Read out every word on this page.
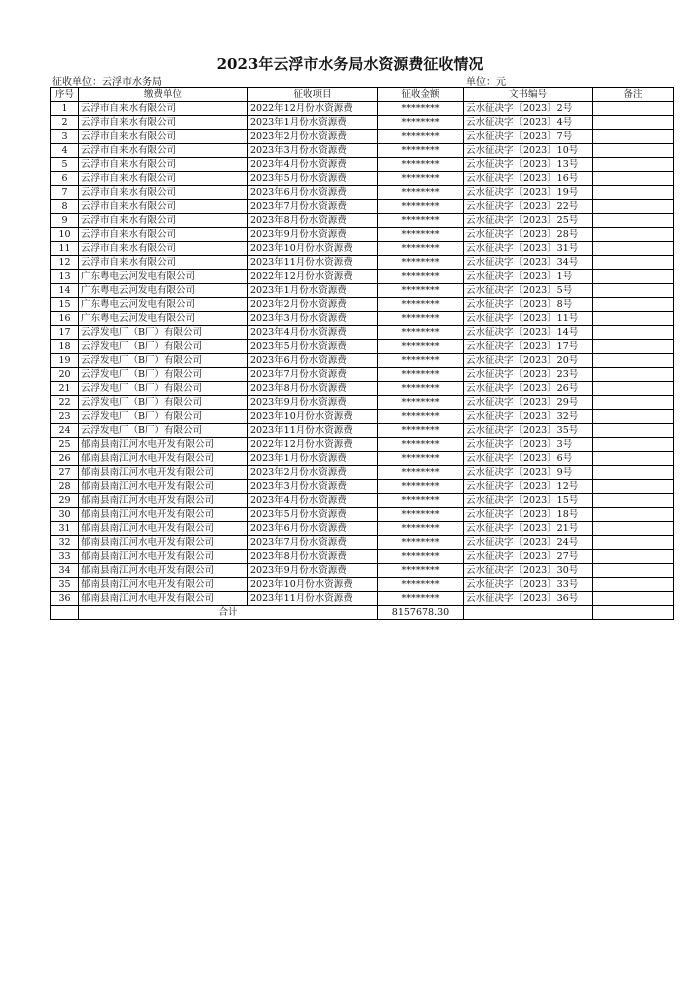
2023年云浮市水务局水资源费征收情况
征收单位：云浮市水务局	单位：元
序号	缴费单位	征收项目	征收金额	文书编号	备注
1	云浮市自来水有限公司	2022年12月份水资源费	********	云水征决字〔2023〕2号	
2	云浮市自来水有限公司	2023年1月份水资源费	********	云水征决字〔2023〕4号	
3	云浮市自来水有限公司	2023年2月份水资源费	********	云水征决字〔2023〕7号	
4	云浮市自来水有限公司	2023年3月份水资源费	********	云水征决字〔2023〕10号	
5	云浮市自来水有限公司	2023年4月份水资源费	********	云水征决字〔2023〕13号	
6	云浮市自来水有限公司	2023年5月份水资源费	********	云水征决字〔2023〕16号	
7	云浮市自来水有限公司	2023年6月份水资源费	********	云水征决字〔2023〕19号	
8	云浮市自来水有限公司	2023年7月份水资源费	********	云水征决字〔2023〕22号	
9	云浮市自来水有限公司	2023年8月份水资源费	********	云水征决字〔2023〕25号	
10	云浮市自来水有限公司	2023年9月份水资源费	********	云水征决字〔2023〕28号	
11	云浮市自来水有限公司	2023年10月份水资源费	********	云水征决字〔2023〕31号	
12	云浮市自来水有限公司	2023年11月份水资源费	********	云水征决字〔2023〕34号	
13	广东粤电云河发电有限公司	2022年12月份水资源费	********	云水征决字〔2023〕1号	
14	广东粤电云河发电有限公司	2023年1月份水资源费	********	云水征决字〔2023〕5号	
15	广东粤电云河发电有限公司	2023年2月份水资源费	********	云水征决字〔2023〕8号	
16	广东粤电云河发电有限公司	2023年3月份水资源费	********	云水征决字〔2023〕11号	
17	云浮发电厂（B厂）有限公司	2023年4月份水资源费	********	云水征决字〔2023〕14号	
18	云浮发电厂（B厂）有限公司	2023年5月份水资源费	********	云水征决字〔2023〕17号	
19	云浮发电厂（B厂）有限公司	2023年6月份水资源费	********	云水征决字〔2023〕20号	
20	云浮发电厂（B厂）有限公司	2023年7月份水资源费	********	云水征决字〔2023〕23号	
21	云浮发电厂（B厂）有限公司	2023年8月份水资源费	********	云水征决字〔2023〕26号	
22	云浮发电厂（B厂）有限公司	2023年9月份水资源费	********	云水征决字〔2023〕29号	
23	云浮发电厂（B厂）有限公司	2023年10月份水资源费	********	云水征决字〔2023〕32号	
24	云浮发电厂（B厂）有限公司	2023年11月份水资源费	********	云水征决字〔2023〕35号	
25	郁南县南江河水电开发有限公司	2022年12月份水资源费	********	云水征决字〔2023〕3号	
26	郁南县南江河水电开发有限公司	2023年1月份水资源费	********	云水征决字〔2023〕6号	
27	郁南县南江河水电开发有限公司	2023年2月份水资源费	********	云水征决字〔2023〕9号	
28	郁南县南江河水电开发有限公司	2023年3月份水资源费	********	云水征决字〔2023〕12号	
29	郁南县南江河水电开发有限公司	2023年4月份水资源费	********	云水征决字〔2023〕15号	
30	郁南县南江河水电开发有限公司	2023年5月份水资源费	********	云水征决字〔2023〕18号	
31	郁南县南江河水电开发有限公司	2023年6月份水资源费	********	云水征决字〔2023〕21号	
32	郁南县南江河水电开发有限公司	2023年7月份水资源费	********	云水征决字〔2023〕24号	
33	郁南县南江河水电开发有限公司	2023年8月份水资源费	********	云水征决字〔2023〕27号	
34	郁南县南江河水电开发有限公司	2023年9月份水资源费	********	云水征决字〔2023〕30号	
35	郁南县南江河水电开发有限公司	2023年10月份水资源费	********	云水征决字〔2023〕33号	
36	郁南县南江河水电开发有限公司	2023年11月份水资源费	********	云水征决字〔2023〕36号	
	合计		8157678.30		
